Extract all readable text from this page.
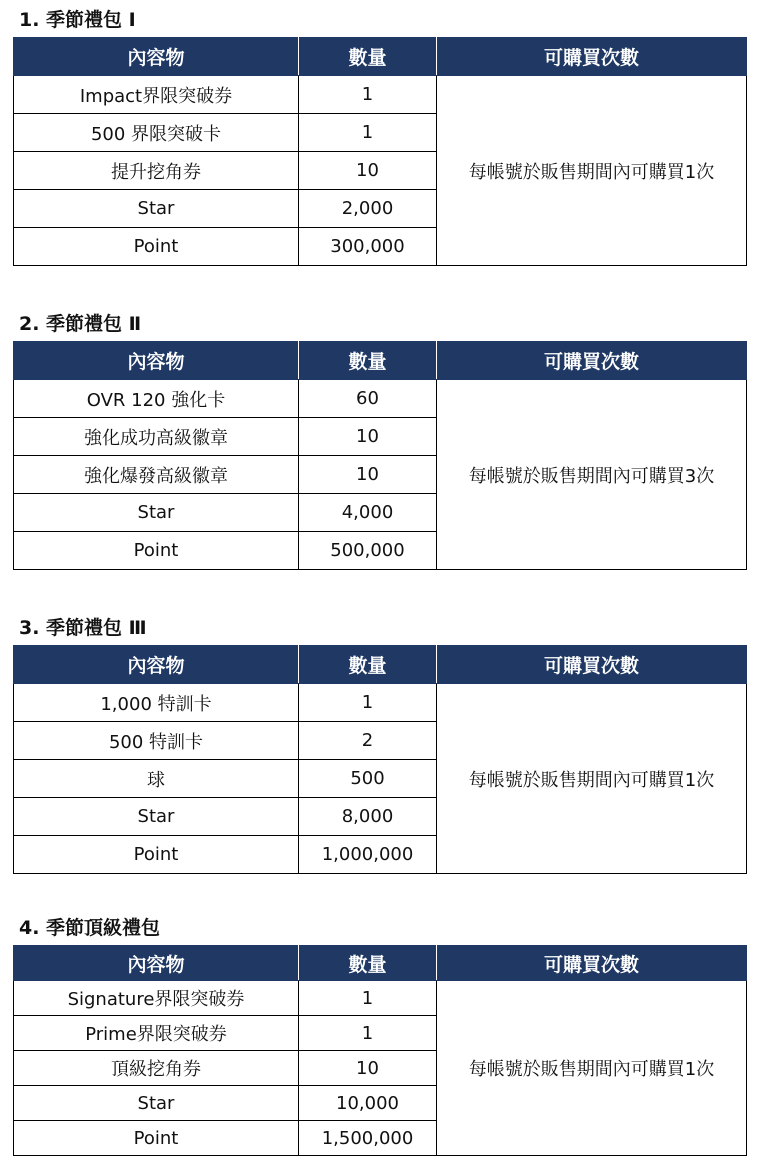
1. 季節禮包 Ⅰ
內容物	數量	可購買次數
Impact界限突破券	1	每帳號於販售期間內可購買1次
500 界限突破卡	1	
提升挖角券	10	
Star	2,000	
Point	300,000	
2. 季節禮包 Ⅱ
內容物	數量	可購買次數
OVR 120 強化卡	60	每帳號於販售期間內可購買3次
強化成功高級徽章	10	
強化爆發高級徽章	10	
Star	4,000	
Point	500,000	
3. 季節禮包 Ⅲ
內容物	數量	可購買次數
1,000 特訓卡	1	每帳號於販售期間內可購買1次
500 特訓卡	2	
球	500	
Star	8,000	
Point	1,000,000	
4. 季節頂級禮包
內容物	數量	可購買次數
Signature界限突破券	1	每帳號於販售期間內可購買1次
Prime界限突破券	1	
頂級挖角券	10	
Star	10,000	
Point	1,500,000	
